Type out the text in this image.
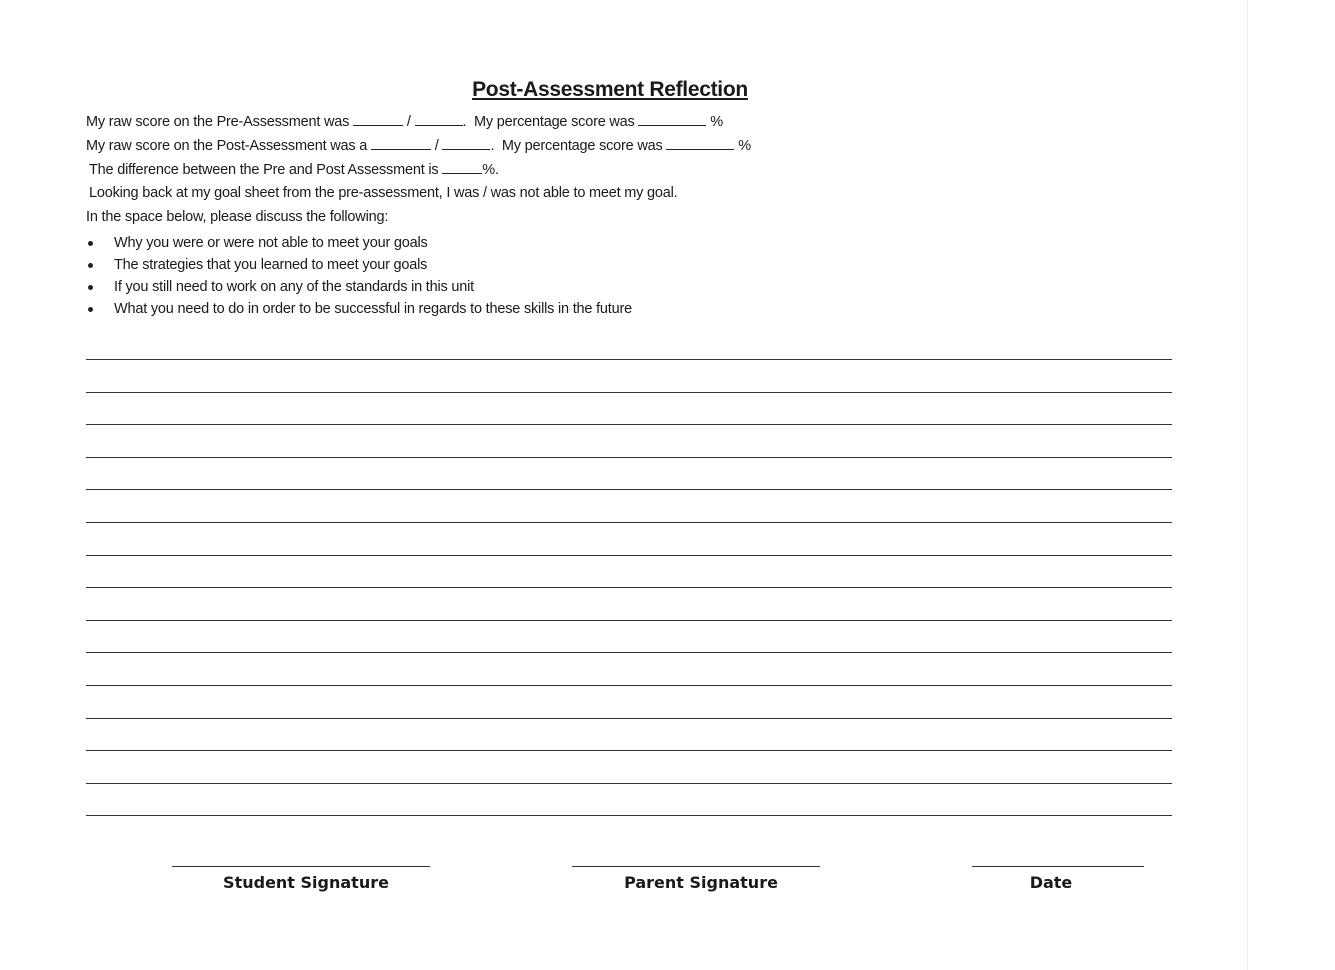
Post-Assessment Reflection
My raw score on the Pre-Assessment was	/	.  My percentage score was	%
My raw score on the Post-Assessment was a	/	.  My percentage score was	%
The difference between the Pre and Post Assessment is	%.
Looking back at my goal sheet from the pre-assessment, I was / was not able to meet my goal.
In the space below, please discuss the following:
Why you were or were not able to meet your goals
The strategies that you learned to meet your goals
If you still need to work on any of the standards in this unit
What you need to do in order to be successful in regards to these skills in the future
Student Signature	Parent Signature	Date
